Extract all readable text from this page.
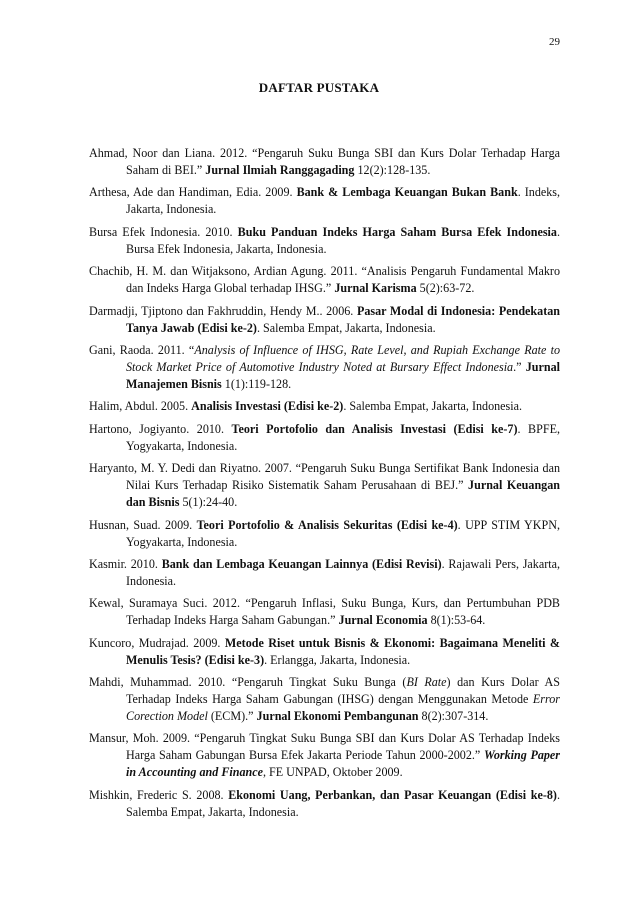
29
DAFTAR PUSTAKA

Ahmad, Noor dan Liana. 2012. “Pengaruh Suku Bunga SBI dan Kurs Dolar Terhadap Harga Saham di BEI.” Jurnal Ilmiah Ranggagading 12(2):128-135.

Arthesa, Ade dan Handiman, Edia. 2009. Bank & Lembaga Keuangan Bukan Bank. Indeks, Jakarta, Indonesia.

Bursa Efek Indonesia. 2010. Buku Panduan Indeks Harga Saham Bursa Efek Indonesia. Bursa Efek Indonesia, Jakarta, Indonesia.

Chachib, H. M. dan Witjaksono, Ardian Agung. 2011. “Analisis Pengaruh Fundamental Makro dan Indeks Harga Global terhadap IHSG.” Jurnal Karisma 5(2):63-72.

Darmadji, Tjiptono dan Fakhruddin, Hendy M.. 2006. Pasar Modal di Indonesia: Pendekatan Tanya Jawab (Edisi ke-2). Salemba Empat, Jakarta, Indonesia.

Gani, Raoda. 2011. “Analysis of Influence of IHSG, Rate Level, and Rupiah Exchange Rate to Stock Market Price of Automotive Industry Noted at Bursary Effect Indonesia.” Jurnal Manajemen Bisnis 1(1):119-128.

Halim, Abdul. 2005. Analisis Investasi (Edisi ke-2). Salemba Empat, Jakarta, Indonesia.

Hartono, Jogiyanto. 2010. Teori Portofolio dan Analisis Investasi (Edisi ke-7). BPFE, Yogyakarta, Indonesia.

Haryanto, M. Y. Dedi dan Riyatno. 2007. “Pengaruh Suku Bunga Sertifikat Bank Indonesia dan Nilai Kurs Terhadap Risiko Sistematik Saham Perusahaan di BEJ.” Jurnal Keuangan dan Bisnis 5(1):24-40.

Husnan, Suad. 2009. Teori Portofolio & Analisis Sekuritas (Edisi ke-4). UPP STIM YKPN, Yogyakarta, Indonesia.

Kasmir. 2010. Bank dan Lembaga Keuangan Lainnya (Edisi Revisi). Rajawali Pers, Jakarta, Indonesia.

Kewal, Suramaya Suci. 2012. “Pengaruh Inflasi, Suku Bunga, Kurs, dan Pertumbuhan PDB Terhadap Indeks Harga Saham Gabungan.” Jurnal Economia 8(1):53-64.

Kuncoro, Mudrajad. 2009. Metode Riset untuk Bisnis & Ekonomi: Bagaimana Meneliti & Menulis Tesis? (Edisi ke-3). Erlangga, Jakarta, Indonesia.

Mahdi, Muhammad. 2010. “Pengaruh Tingkat Suku Bunga (BI Rate) dan Kurs Dolar AS Terhadap Indeks Harga Saham Gabungan (IHSG) dengan Menggunakan Metode Error Corection Model (ECM).” Jurnal Ekonomi Pembangunan 8(2):307-314.

Mansur, Moh. 2009. “Pengaruh Tingkat Suku Bunga SBI dan Kurs Dolar AS Terhadap Indeks Harga Saham Gabungan Bursa Efek Jakarta Periode Tahun 2000-2002.” Working Paper in Accounting and Finance, FE UNPAD, Oktober 2009.

Mishkin, Frederic S. 2008. Ekonomi Uang, Perbankan, dan Pasar Keuangan (Edisi ke-8). Salemba Empat, Jakarta, Indonesia.
